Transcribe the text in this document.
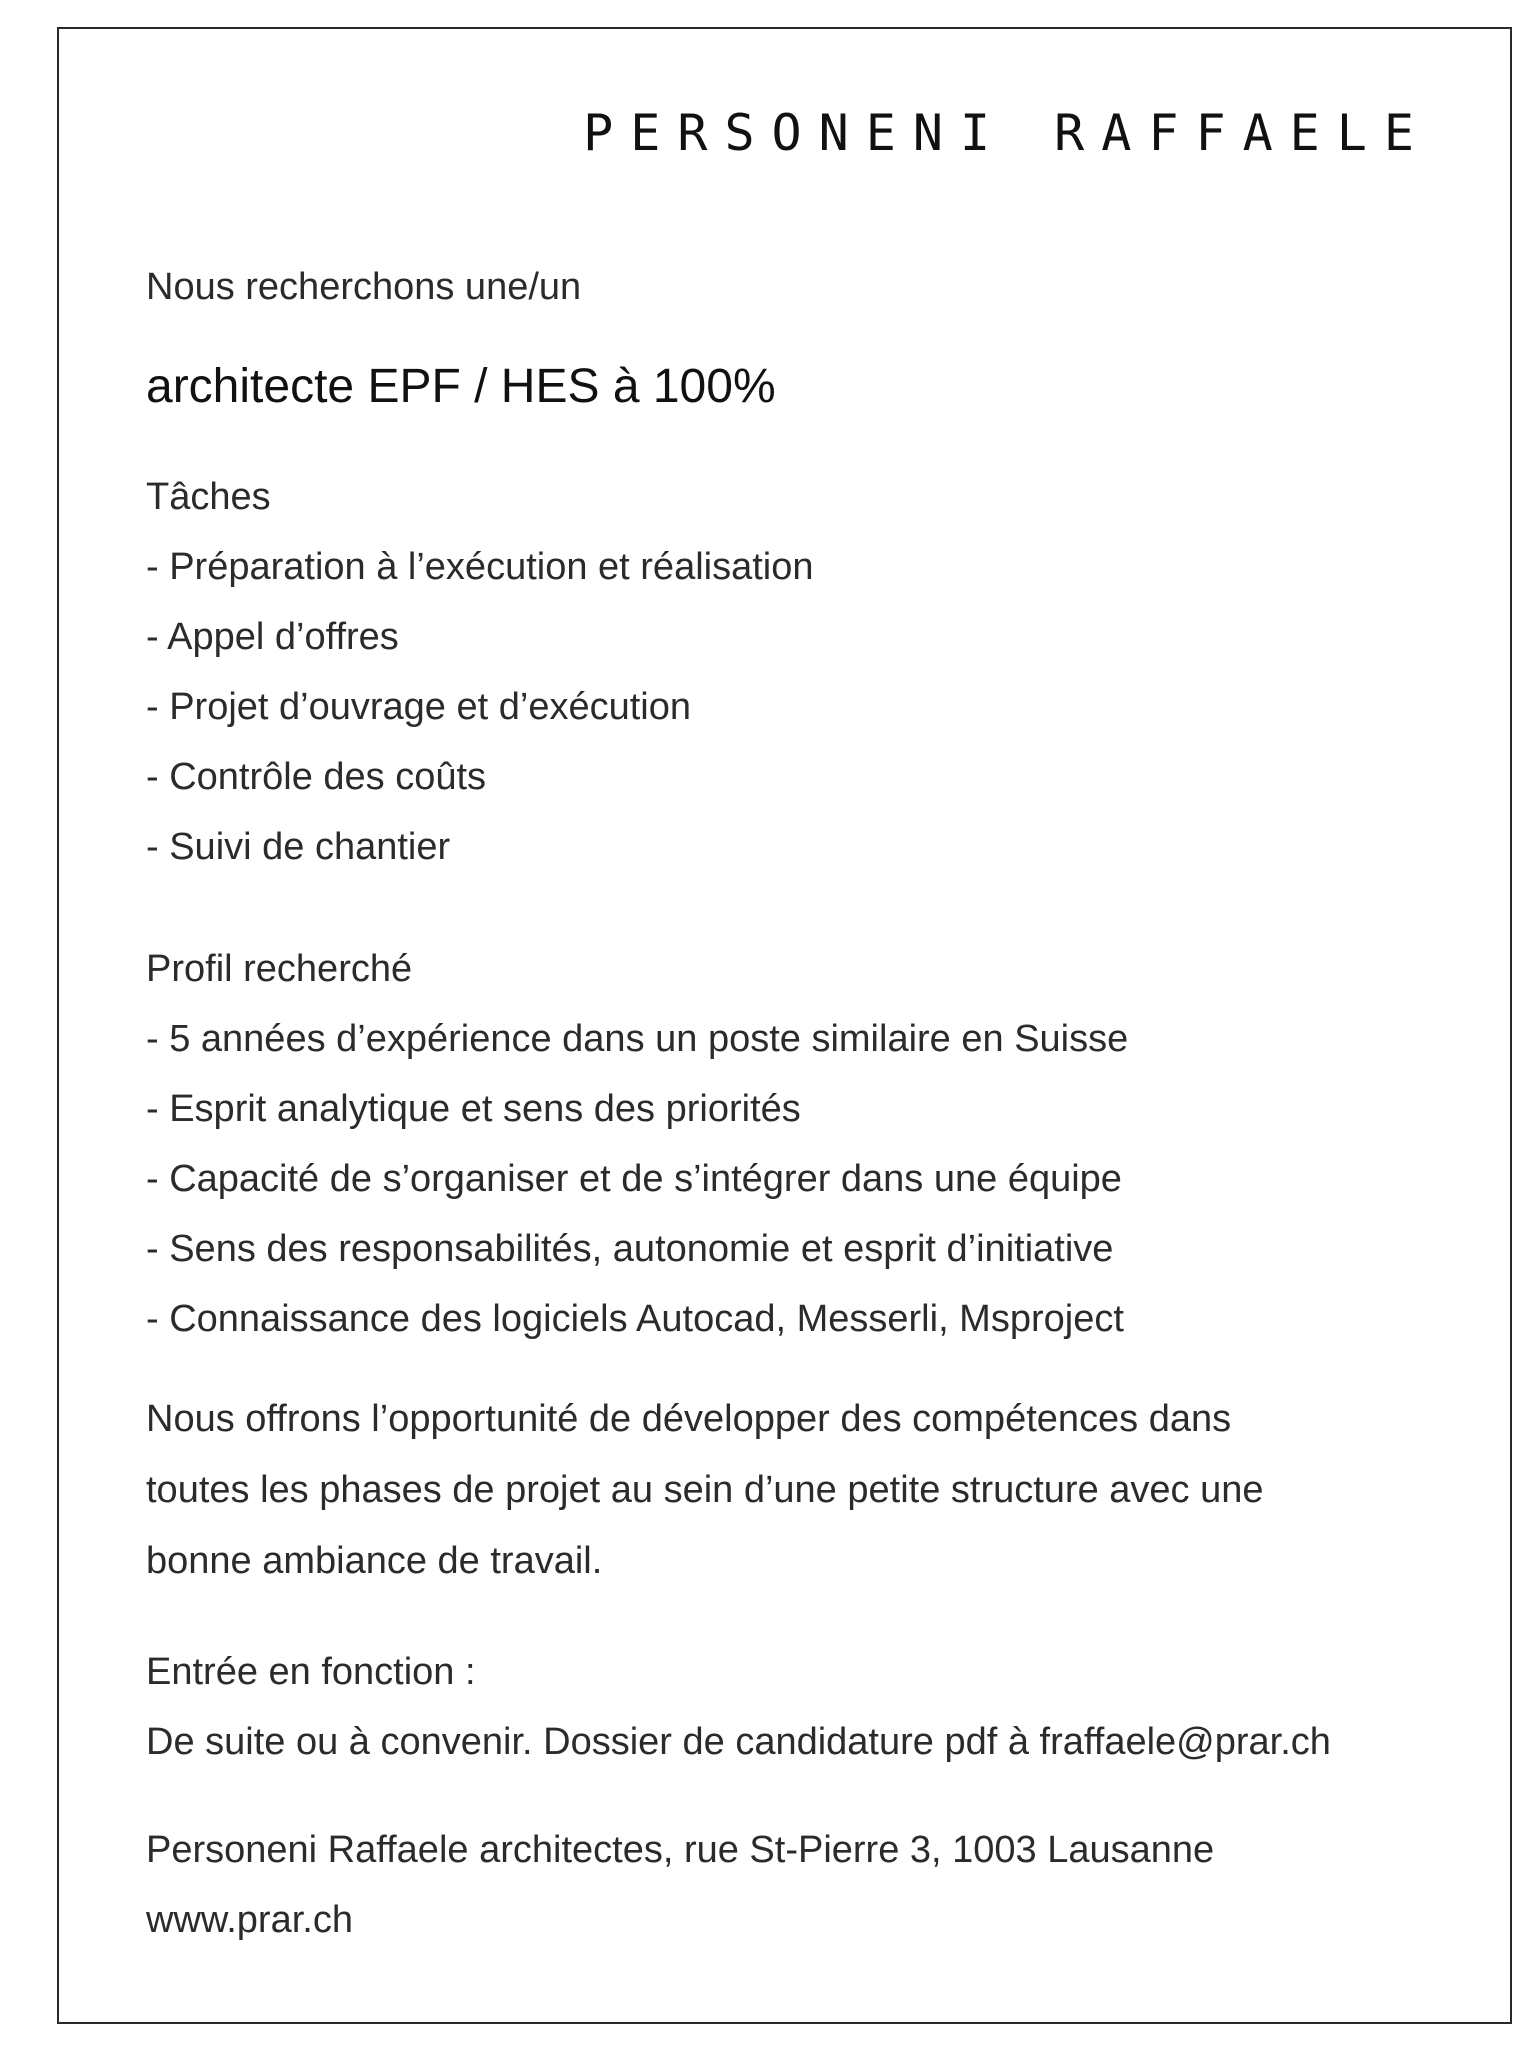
PERSONENI RAFFAELE

Nous recherchons une/un

architecte EPF / HES à 100%

Tâches

- Préparation à l’exécution et réalisation

- Appel d’offres

- Projet d’ouvrage et d’exécution

- Contrôle des coûts

- Suivi de chantier

Profil recherché

- 5 années d’expérience dans un poste similaire en Suisse

- Esprit analytique et sens des priorités

- Capacité de s’organiser et de s’intégrer dans une équipe

- Sens des responsabilités, autonomie et esprit d’initiative

- Connaissance des logiciels Autocad, Messerli, Msproject

Nous offrons l’opportunité de développer des compétences dans

toutes les phases de projet au sein d’une petite structure avec une

bonne ambiance de travail.

Entrée en fonction :

De suite ou à convenir. Dossier de candidature pdf à fraffaele@prar.ch

Personeni Raffaele architectes, rue St-Pierre 3, 1003 Lausanne

www.prar.ch
